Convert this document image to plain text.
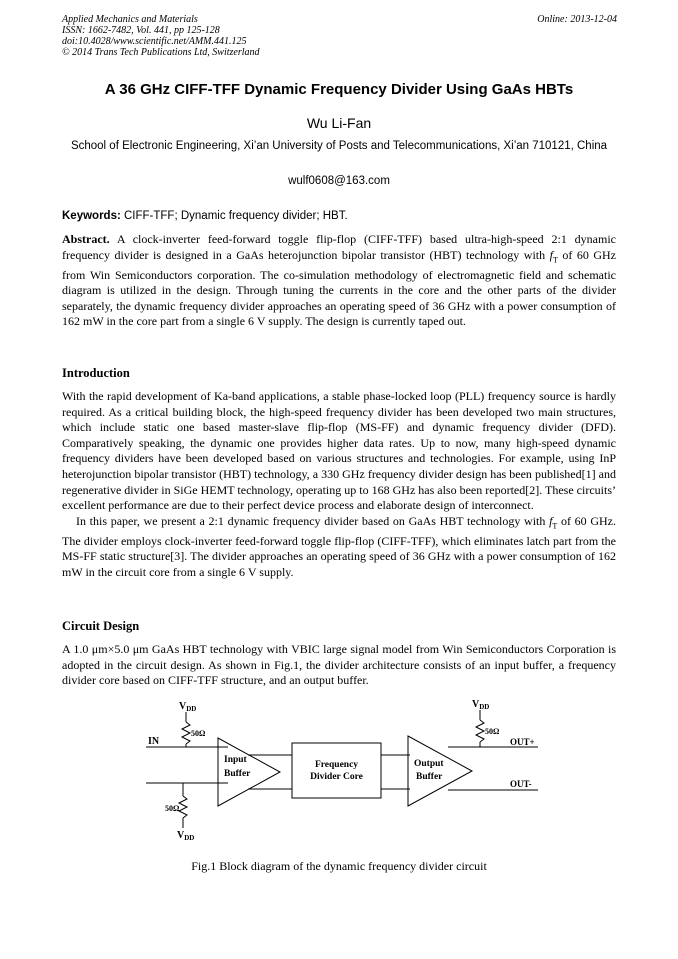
Applied Mechanics and Materials
ISSN: 1662-7482, Vol. 441, pp 125-128
doi:10.4028/www.scientific.net/AMM.441.125
© 2014 Trans Tech Publications Ltd, Switzerland
Online: 2013-12-04
A 36 GHz CIFF-TFF Dynamic Frequency Divider Using GaAs HBTs
Wu Li-Fan
School of Electronic Engineering, Xi’an University of Posts and Telecommunications, Xi’an 710121, China
wulf0608@163.com
Keywords: CIFF-TFF; Dynamic frequency divider; HBT.

Abstract. A clock-inverter feed-forward toggle flip-flop (CIFF-TFF) based ultra-high-speed 2:1 dynamic frequency divider is designed in a GaAs heterojunction bipolar transistor (HBT) technology with $f_T$ of 60 GHz from Win Semiconductors corporation. The co-simulation methodology of electromagnetic field and schematic diagram is utilized in the design. Through tuning the currents in the core and the other parts of the divider separately, the dynamic frequency divider approaches an operating speed of 36 GHz with a power consumption of 162 mW in the core part from a single 6 V supply. The design is currently taped out.

Introduction

With the rapid development of Ka-band applications, a stable phase-locked loop (PLL) frequency source is hardly required. As a critical building block, the high-speed frequency divider has been developed two main structures, which include static one based master-slave flip-flop (MS-FF) and dynamic frequency divider (DFD). Comparatively speaking, the dynamic one provides higher data rates. Up to now, many high-speed dynamic frequency dividers have been developed based on various structures and technologies. For example, using InP heterojunction bipolar transistor (HBT) technology, a 330 GHz frequency divider design has been published[1] and regenerative divider in SiGe HEMT technology, operating up to 168 GHz has also been reported[2]. These circuits’ excellent performance are due to their perfect device process and elaborate design of interconnect.

In this paper, we present a 2:1 dynamic frequency divider based on GaAs HBT technology with $f_T$ of 60 GHz. The divider employs clock-inverter feed-forward toggle flip-flop (CIFF-TFF), which eliminates latch part from the MS-FF static structure[3]. The divider approaches an operating speed of 36 GHz with a power consumption of 162 mW in the circuit core from a single 6 V supply.

Circuit Design

A 1.0 μm×5.0 μm GaAs HBT technology with VBIC large signal model from Win Semiconductors Corporation is adopted in the circuit design. As shown in Fig.1, the divider architecture consists of an input buffer, a frequency divider core based on CIFF-TFF structure, and an output buffer.

$V_{DD}$
50Ω
IN
50Ω
$V_{DD}$
Input
Buffer
Frequency
Divider Core
Output
Buffer
$V_{DD}$
50Ω
OUT+
OUT-
Fig.1 Block diagram of the dynamic frequency divider circuit
